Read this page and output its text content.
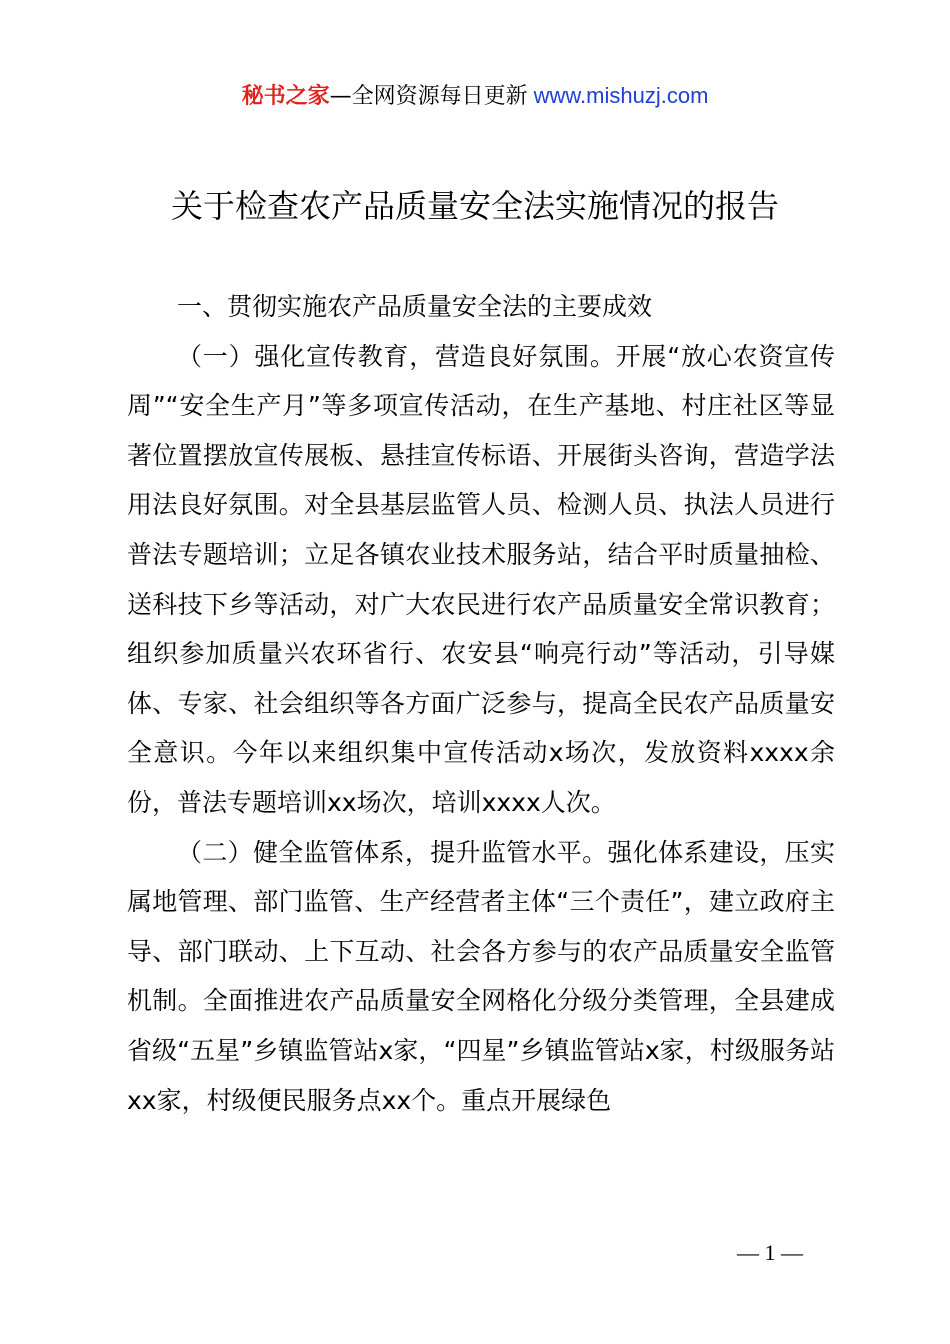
秘书之家—全网资源每日更新 www.mishuzj.com
关于检查农产品质量安全法实施情况的报告

一、贯彻实施农产品质量安全法的主要成效

（一）强化宣传教育，营造良好氛围。开展“放心农资宣传周”“安全生产月”等多项宣传活动，在生产基地、村庄社区等显著位置摆放宣传展板、悬挂宣传标语、开展街头咨询，营造学法用法良好氛围。对全县基层监管人员、检测人员、执法人员进行普法专题培训；立足各镇农业技术服务站，结合平时质量抽检、送科技下乡等活动，对广大农民进行农产品质量安全常识教育；组织参加质量兴农环省行、农安县“响亮行动”等活动，引导媒体、专家、社会组织等各方面广泛参与，提高全民农产品质量安全意识。今年以来组织集中宣传活动x场次，发放资料xxxx余份，普法专题培训xx场次，培训xxxx人次。

（二）健全监管体系，提升监管水平。强化体系建设，压实属地管理、部门监管、生产经营者主体“三个责任”，建立政府主导、部门联动、上下互动、社会各方参与的农产品质量安全监管机制。全面推进农产品质量安全网格化分级分类管理，全县建成省级“五星”乡镇监管站x家，“四星”乡镇监管站x家，村级服务站xx家，村级便民服务点xx个。重点开展绿色

— 1 —
